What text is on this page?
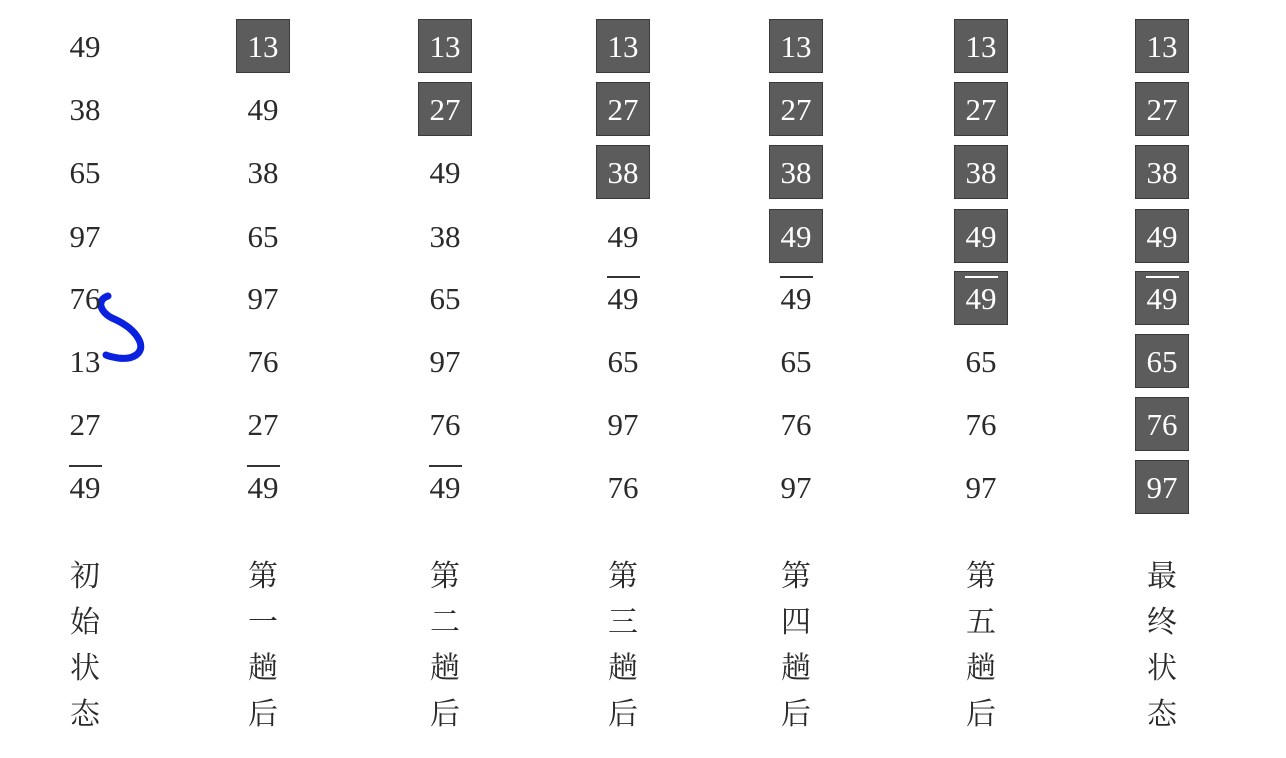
49
38
65
97
76
13
27
49
初
始
状
态
13
49
38
65
97
76
27
49
第
一
趟
后
13
27
49
38
65
97
76
49
第
二
趟
后
13
27
38
49
49
65
97
76
第
三
趟
后
13
27
38
49
49
65
76
97
第
四
趟
后
13
27
38
49
49
65
76
97
第
五
趟
后
13
27
38
49
49
65
76
97
最
终
状
态
